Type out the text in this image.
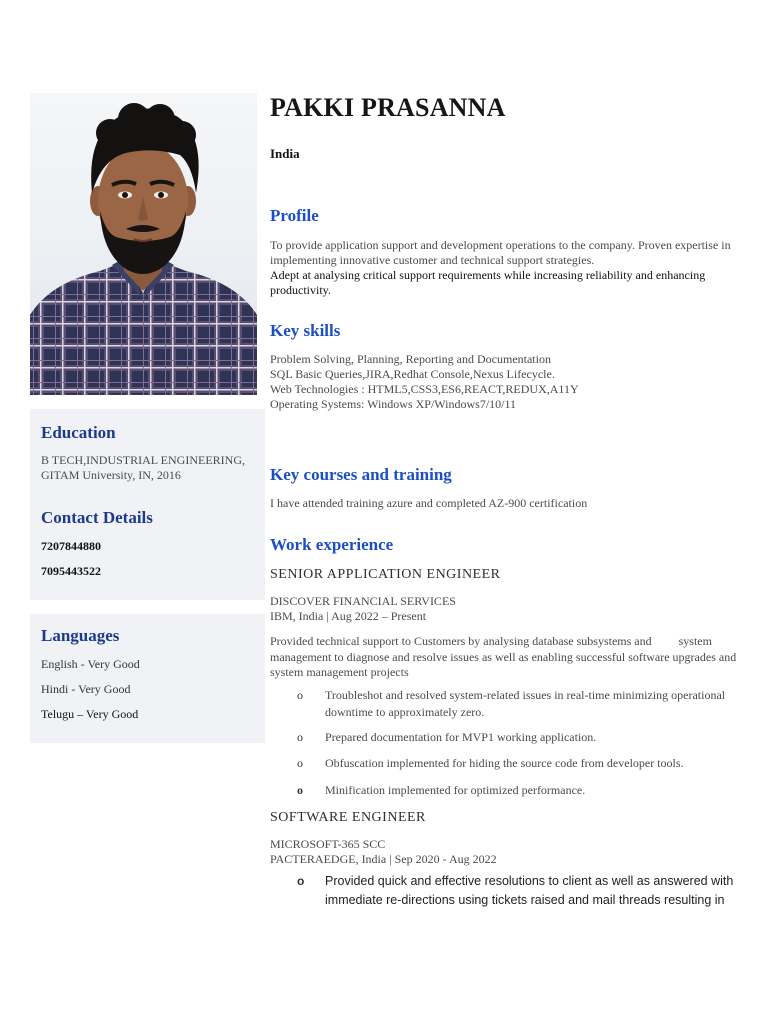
Education
B TECH,INDUSTRIAL ENGINEERING, GITAM University, IN, 2016
Contact Details
7207844880
7095443522
Languages
English - Very Good
Hindi - Very Good
Telugu – Very Good
PAKKI PRASANNA
India
Profile
To provide application support and development operations to the company. Proven expertise in implementing innovative customer and technical support strategies.
Adept at analysing critical support requirements while increasing reliability and enhancing productivity.
Key skills
Problem Solving, Planning, Reporting and Documentation
SQL Basic Queries,JIRA,Redhat Console,Nexus Lifecycle.
Web Technologies : HTML5,CSS3,ES6,REACT,REDUX,A11Y
Operating Systems: Windows XP/Windows7/10/11
Key courses and training
I have attended training azure and completed AZ-900 certification
Work experience
SENIOR APPLICATION ENGINEER
DISCOVER FINANCIAL SERVICES
IBM, India | Aug 2022 – Present
Provided technical support to Customers by analysing database subsystems and         system management to diagnose and resolve issues as well as enabling successful software upgrades and system management projects
o Troubleshot and resolved system-related issues in real-time minimizing operational downtime to approximately zero.
o Prepared documentation for MVP1 working application.
o Obfuscation implemented for hiding the source code from developer tools.
o Minification implemented for optimized performance.
SOFTWARE ENGINEER
MICROSOFT-365 SCC
PACTERAEDGE, India | Sep 2020 - Aug 2022
o Provided quick and effective resolutions to client as well as answered with immediate re-directions using tickets raised and mail threads resulting in
